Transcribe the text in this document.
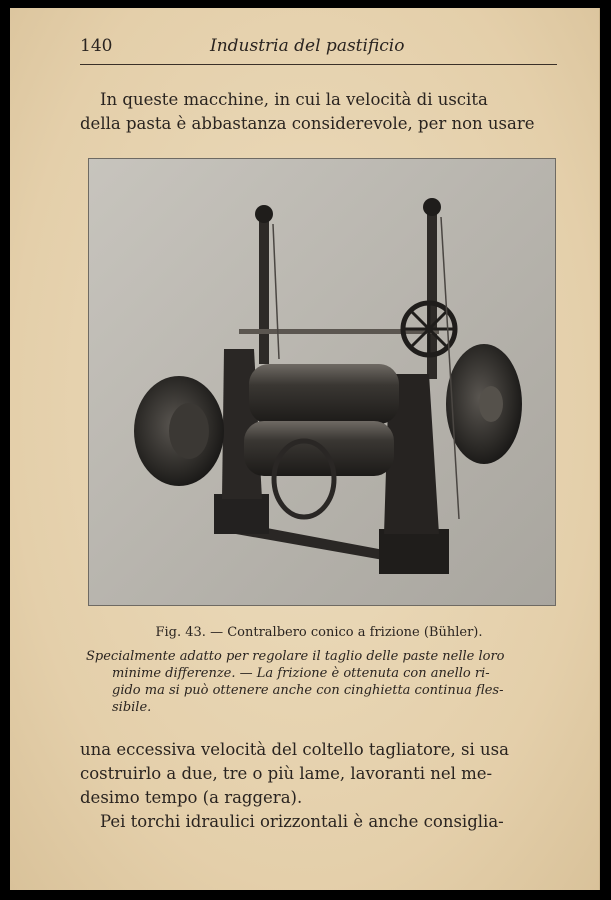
140	Industria del pastificio
In queste macchine, in cui la velocità di uscita
della pasta è abbastanza considerevole, per non usare
Fig. 43. — Contralbero conico a frizione (Bühler).
Specialmente adatto per regolare il taglio delle paste nelle loro
minime differenze. — La frizione è ottenuta con anello ri-
gido ma si può ottenere anche con cinghietta continua fles-
sibile.
una eccessiva velocità del coltello tagliatore, si usa
costruirlo a due, tre o più lame, lavoranti nel me-
desimo tempo (a raggera).
Pei torchi idraulici orizzontali è anche consiglia-
